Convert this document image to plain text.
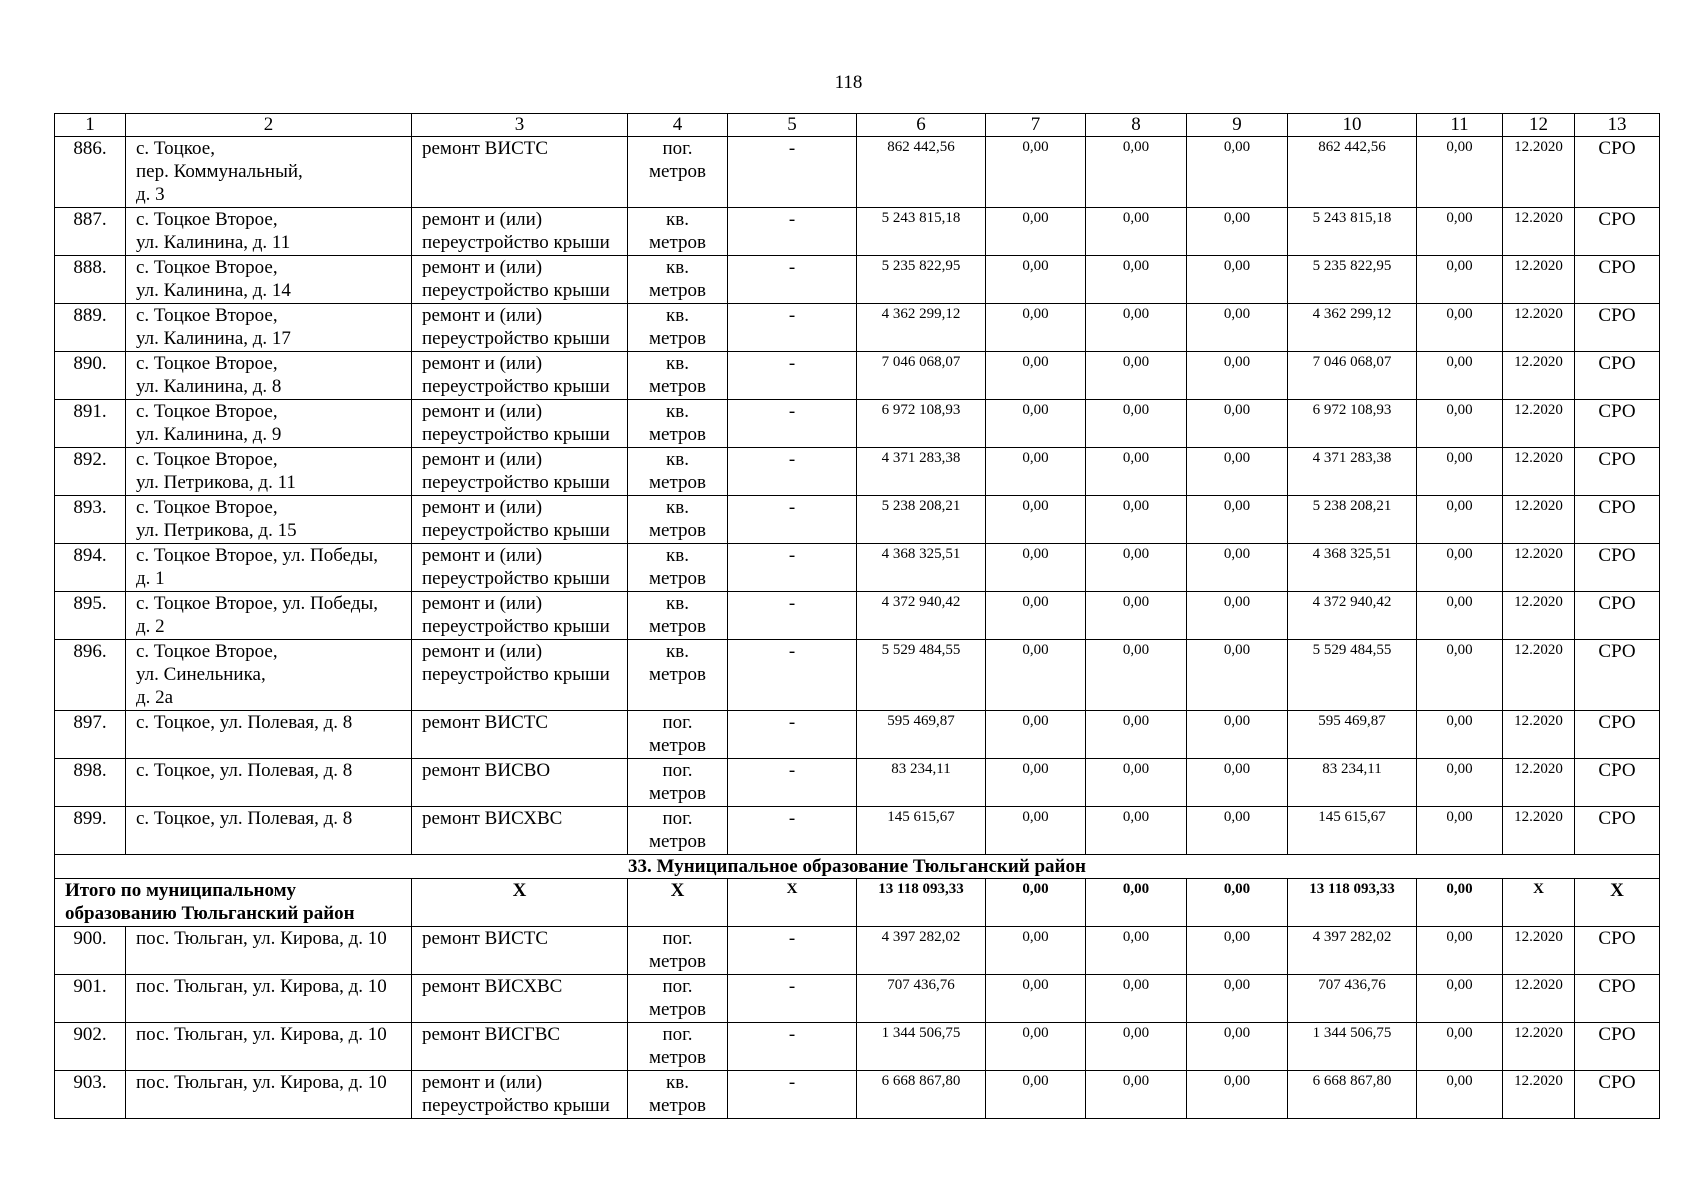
118
1	2	3	4	5	6	7	8	9	10	11	12	13
886.	с. Тоцкое,
пер. Коммунальный,
д. 3	ремонт ВИСТС	пог.
метров	-	862 442,56	0,00	0,00	0,00	862 442,56	0,00	12.2020	СРО
887.	с. Тоцкое Второе,
ул. Калинина, д. 11	ремонт и (или)
переустройство крыши	кв.
метров	-	5 243 815,18	0,00	0,00	0,00	5 243 815,18	0,00	12.2020	СРО
888.	с. Тоцкое Второе,
ул. Калинина, д. 14	ремонт и (или)
переустройство крыши	кв.
метров	-	5 235 822,95	0,00	0,00	0,00	5 235 822,95	0,00	12.2020	СРО
889.	с. Тоцкое Второе,
ул. Калинина, д. 17	ремонт и (или)
переустройство крыши	кв.
метров	-	4 362 299,12	0,00	0,00	0,00	4 362 299,12	0,00	12.2020	СРО
890.	с. Тоцкое Второе,
ул. Калинина, д. 8	ремонт и (или)
переустройство крыши	кв.
метров	-	7 046 068,07	0,00	0,00	0,00	7 046 068,07	0,00	12.2020	СРО
891.	с. Тоцкое Второе,
ул. Калинина, д. 9	ремонт и (или)
переустройство крыши	кв.
метров	-	6 972 108,93	0,00	0,00	0,00	6 972 108,93	0,00	12.2020	СРО
892.	с. Тоцкое Второе,
ул. Петрикова, д. 11	ремонт и (или)
переустройство крыши	кв.
метров	-	4 371 283,38	0,00	0,00	0,00	4 371 283,38	0,00	12.2020	СРО
893.	с. Тоцкое Второе,
ул. Петрикова, д. 15	ремонт и (или)
переустройство крыши	кв.
метров	-	5 238 208,21	0,00	0,00	0,00	5 238 208,21	0,00	12.2020	СРО
894.	с. Тоцкое Второе, ул. Победы,
д. 1	ремонт и (или)
переустройство крыши	кв.
метров	-	4 368 325,51	0,00	0,00	0,00	4 368 325,51	0,00	12.2020	СРО
895.	с. Тоцкое Второе, ул. Победы,
д. 2	ремонт и (или)
переустройство крыши	кв.
метров	-	4 372 940,42	0,00	0,00	0,00	4 372 940,42	0,00	12.2020	СРО
896.	с. Тоцкое Второе,
ул. Синельника,
д. 2а	ремонт и (или)
переустройство крыши	кв.
метров	-	5 529 484,55	0,00	0,00	0,00	5 529 484,55	0,00	12.2020	СРО
897.	с. Тоцкое, ул. Полевая, д. 8	ремонт ВИСТС	пог.
метров	-	595 469,87	0,00	0,00	0,00	595 469,87	0,00	12.2020	СРО
898.	с. Тоцкое, ул. Полевая, д. 8	ремонт ВИСВО	пог.
метров	-	83 234,11	0,00	0,00	0,00	83 234,11	0,00	12.2020	СРО
899.	с. Тоцкое, ул. Полевая, д. 8	ремонт ВИСХВС	пог.
метров	-	145 615,67	0,00	0,00	0,00	145 615,67	0,00	12.2020	СРО
33. Муниципальное образование Тюльганский район												
Итого по муниципальному
образованию Тюльганский район		Х	Х	Х	13 118 093,33	0,00	0,00	0,00	13 118 093,33	0,00	Х	Х
900.	пос. Тюльган, ул. Кирова, д. 10	ремонт ВИСТС	пог.
метров	-	4 397 282,02	0,00	0,00	0,00	4 397 282,02	0,00	12.2020	СРО
901.	пос. Тюльган, ул. Кирова, д. 10	ремонт ВИСХВС	пог.
метров	-	707 436,76	0,00	0,00	0,00	707 436,76	0,00	12.2020	СРО
902.	пос. Тюльган, ул. Кирова, д. 10	ремонт ВИСГВС	пог.
метров	-	1 344 506,75	0,00	0,00	0,00	1 344 506,75	0,00	12.2020	СРО
903.	пос. Тюльган, ул. Кирова, д. 10	ремонт и (или)
переустройство крыши	кв.
метров	-	6 668 867,80	0,00	0,00	0,00	6 668 867,80	0,00	12.2020	СРО
